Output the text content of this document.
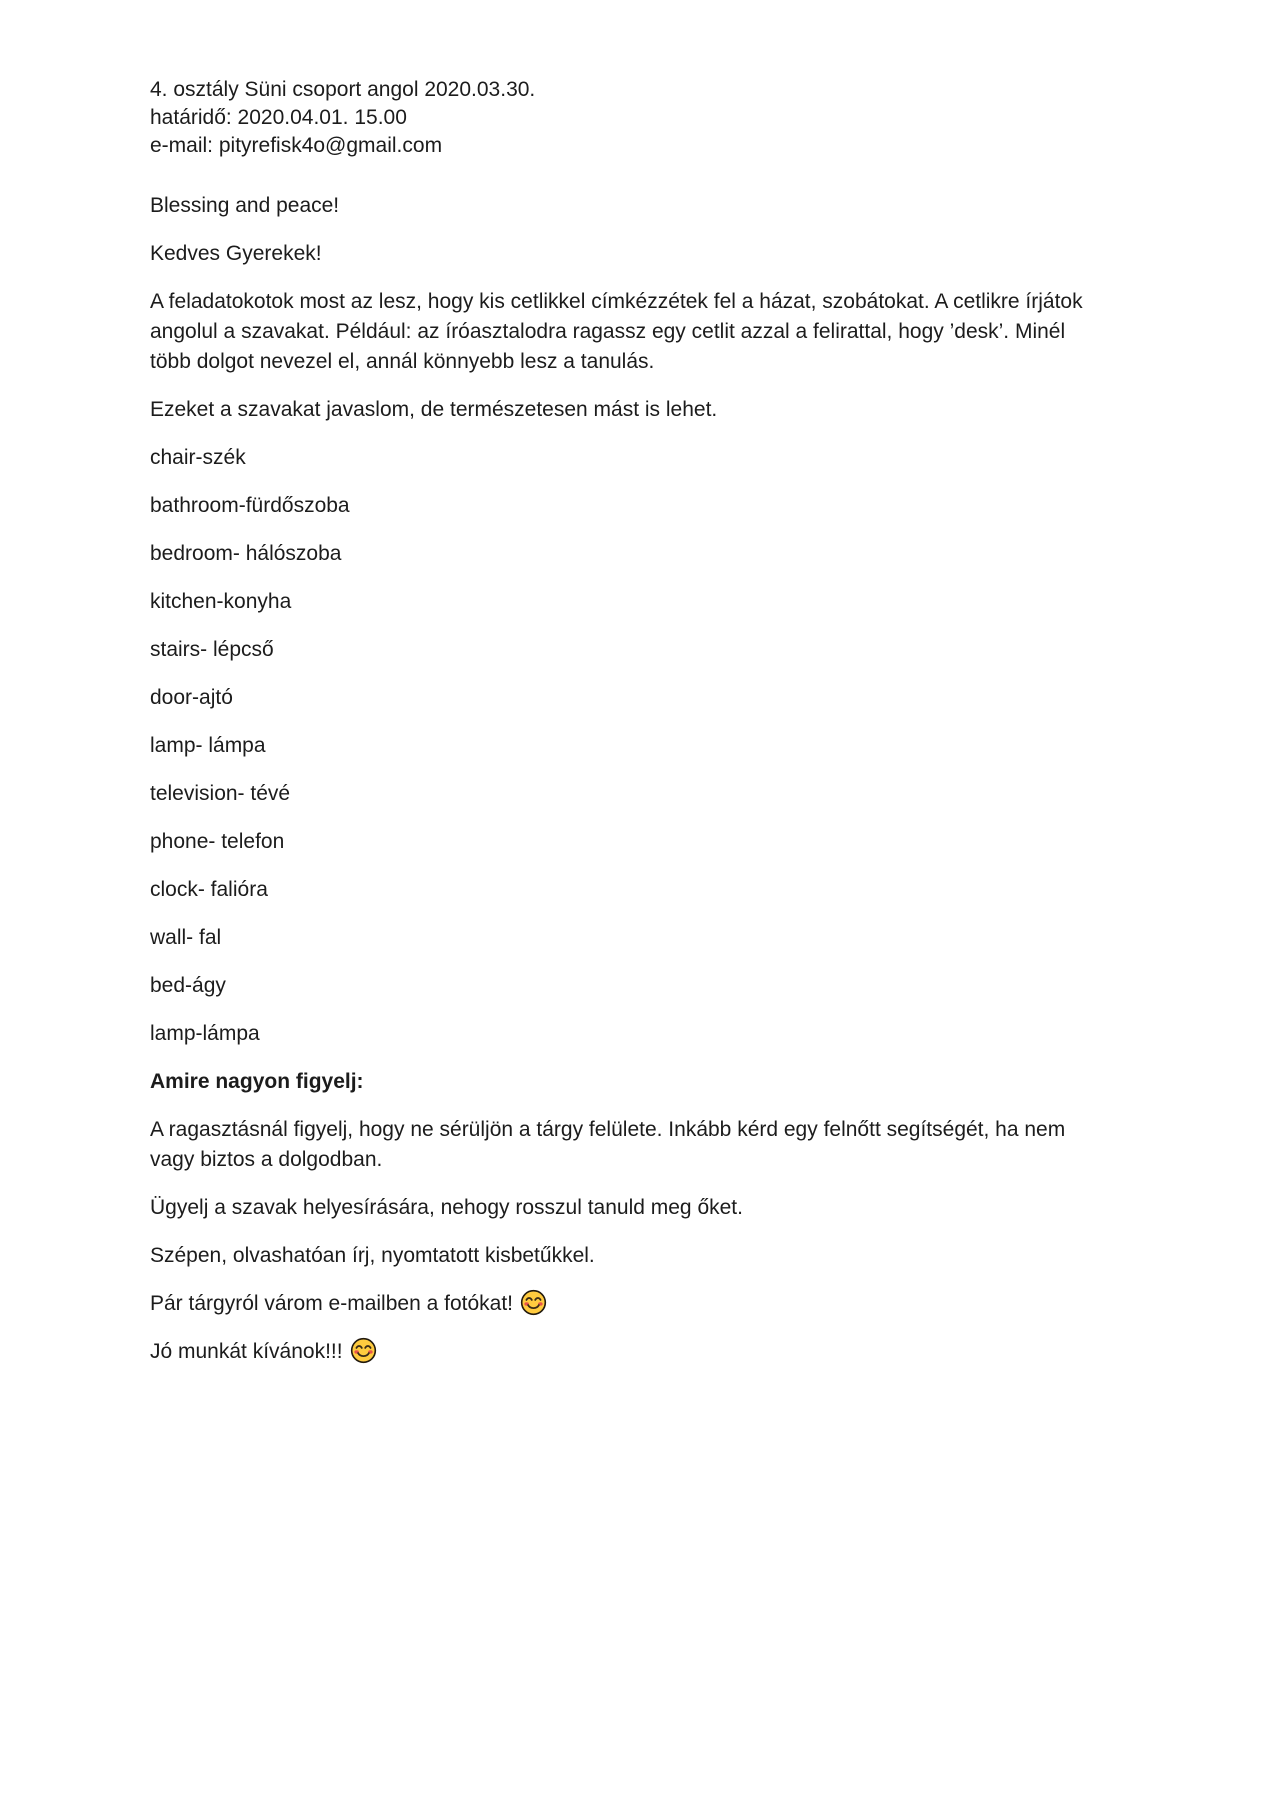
4. osztály Süni csoport angol 2020.03.30.
határidő: 2020.04.01. 15.00
e-mail: pityrefisk4o@gmail.com

Blessing and peace!

Kedves Gyerekek!

A feladatokotok most az lesz, hogy kis cetlikkel címkézzétek fel a házat, szobátokat. A cetlikre írjátok
angolul a szavakat. Például: az íróasztalodra ragassz egy cetlit azzal a felirattal, hogy ’desk’. Minél
több dolgot nevezel el, annál könnyebb lesz a tanulás.

Ezeket a szavakat javaslom, de természetesen mást is lehet.

chair-szék

bathroom-fürdőszoba

bedroom- hálószoba

kitchen-konyha

stairs- lépcső

door-ajtó

lamp- lámpa

television- tévé

phone- telefon

clock- falióra

wall- fal

bed-ágy

lamp-lámpa

Amire nagyon figyelj:

A ragasztásnál figyelj, hogy ne sérüljön a tárgy felülete. Inkább kérd egy felnőtt segítségét, ha nem
vagy biztos a dolgodban.

Ügyelj a szavak helyesírására, nehogy rosszul tanuld meg őket.

Szépen, olvashatóan írj, nyomtatott kisbetűkkel.

Pár tárgyról várom e-mailben a fotókat!

Jó munkát kívánok!!!
